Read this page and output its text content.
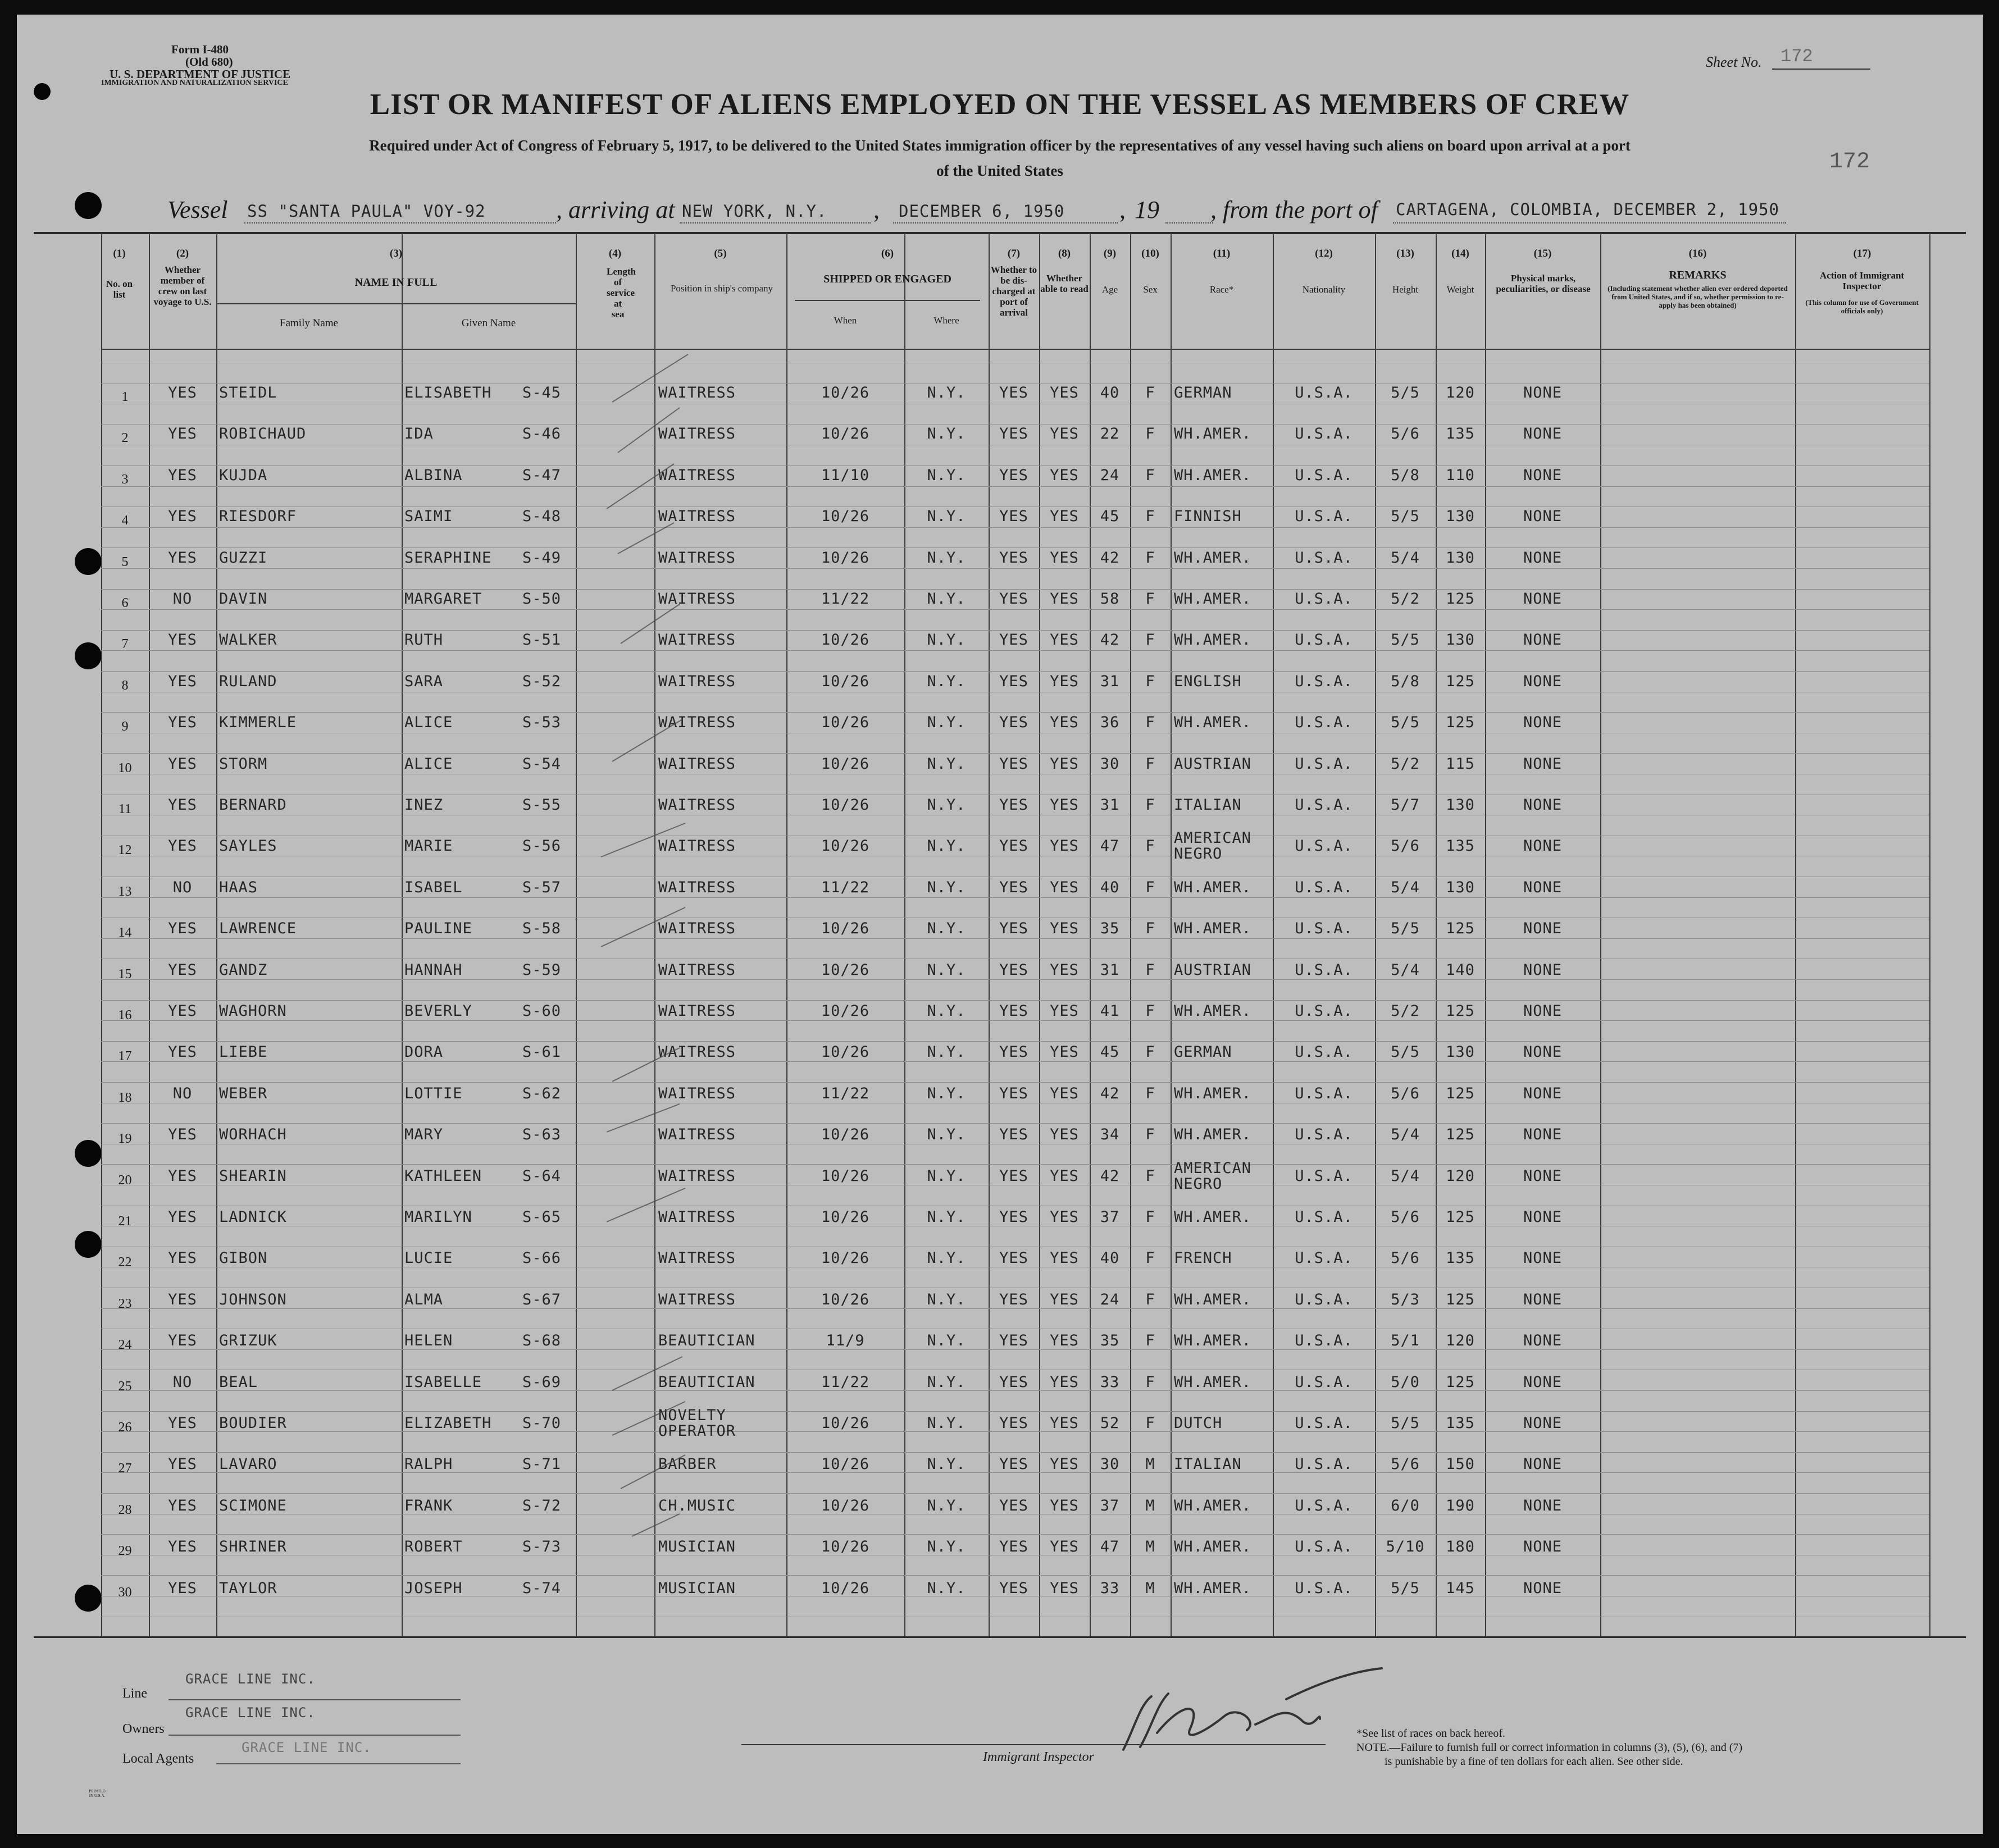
Form I-480
(Old 680)
U. S. DEPARTMENT OF JUSTICE
IMMIGRATION AND NATURALIZATION SERVICE
Sheet No. 172
LIST OR MANIFEST OF ALIENS EMPLOYED ON THE VESSEL AS MEMBERS OF CREW
Required under Act of Congress of February 5, 1917, to be delivered to the United States immigration officer by the representatives of any vessel having such aliens on board upon arrival at a port
of the United States	172
Vessel SS "SANTA PAULA" VOY-92	, arriving at NEW YORK, N.Y. , DECEMBER 6, 1950 , 19 , from the port of CARTAGENA, COLOMBIA, DECEMBER 2, 1950
(1)
No. on list
(2)
Whether member of crew on last voyage to U.S.
(3)
NAME IN FULL
Family Name	Given Name
(4)
Length of service at sea
(5)
Position in ship's company
(6)
SHIPPED OR ENGAGED
When	Where
(7)
Whether to be dis-charged at port of arrival
(8)
Whether able to read
(9)
Age
(10)
Sex
(11)
Race*
(12)
Nationality
(13)
Height
(14)
Weight
(15)
Physical marks, peculiarities, or disease
(16)
REMARKS
(Including statement whether alien ever ordered deported from United States, and if so, whether permission to re-apply has been obtained)
(17)
Action of Immigrant Inspector
(This column for use of Government officials only)
1	YES	STEIDL	ELISABETH	S-45	WAITRESS	10/26	N.Y.	YES	YES	40	F	GERMAN	U.S.A.	5/5	120	NONE
2	YES	ROBICHAUD	IDA	S-46	WAITRESS	10/26	N.Y.	YES	YES	22	F	WH.AMER.	U.S.A.	5/6	135	NONE
3	YES	KUJDA	ALBINA	S-47	WAITRESS	11/10	N.Y.	YES	YES	24	F	WH.AMER.	U.S.A.	5/8	110	NONE
4	YES	RIESDORF	SAIMI	S-48	WAITRESS	10/26	N.Y.	YES	YES	45	F	FINNISH	U.S.A.	5/5	130	NONE
5	YES	GUZZI	SERAPHINE	S-49	WAITRESS	10/26	N.Y.	YES	YES	42	F	WH.AMER.	U.S.A.	5/4	130	NONE
6	NO	DAVIN	MARGARET	S-50	WAITRESS	11/22	N.Y.	YES	YES	58	F	WH.AMER.	U.S.A.	5/2	125	NONE
7	YES	WALKER	RUTH	S-51	WAITRESS	10/26	N.Y.	YES	YES	42	F	WH.AMER.	U.S.A.	5/5	130	NONE
8	YES	RULAND	SARA	S-52	WAITRESS	10/26	N.Y.	YES	YES	31	F	ENGLISH	U.S.A.	5/8	125	NONE
9	YES	KIMMERLE	ALICE	S-53	WAITRESS	10/26	N.Y.	YES	YES	36	F	WH.AMER.	U.S.A.	5/5	125	NONE
10	YES	STORM	ALICE	S-54	WAITRESS	10/26	N.Y.	YES	YES	30	F	AUSTRIAN	U.S.A.	5/2	115	NONE
11	YES	BERNARD	INEZ	S-55	WAITRESS	10/26	N.Y.	YES	YES	31	F	ITALIAN	U.S.A.	5/7	130	NONE
12	YES	SAYLES	MARIE	S-56	WAITRESS	10/26	N.Y.	YES	YES	47	F	AMERICAN NEGRO	U.S.A.	5/6	135	NONE
13	NO	HAAS	ISABEL	S-57	WAITRESS	11/22	N.Y.	YES	YES	40	F	WH.AMER.	U.S.A.	5/4	130	NONE
14	YES	LAWRENCE	PAULINE	S-58	WAITRESS	10/26	N.Y.	YES	YES	35	F	WH.AMER.	U.S.A.	5/5	125	NONE
15	YES	GANDZ	HANNAH	S-59	WAITRESS	10/26	N.Y.	YES	YES	31	F	AUSTRIAN	U.S.A.	5/4	140	NONE
16	YES	WAGHORN	BEVERLY	S-60	WAITRESS	10/26	N.Y.	YES	YES	41	F	WH.AMER.	U.S.A.	5/2	125	NONE
17	YES	LIEBE	DORA	S-61	WAITRESS	10/26	N.Y.	YES	YES	45	F	GERMAN	U.S.A.	5/5	130	NONE
18	NO	WEBER	LOTTIE	S-62	WAITRESS	11/22	N.Y.	YES	YES	42	F	WH.AMER.	U.S.A.	5/6	125	NONE
19	YES	WORHACH	MARY	S-63	WAITRESS	10/26	N.Y.	YES	YES	34	F	WH.AMER.	U.S.A.	5/4	125	NONE
20	YES	SHEARIN	KATHLEEN	S-64	WAITRESS	10/26	N.Y.	YES	YES	42	F	AMERICAN NEGRO	U.S.A.	5/4	120	NONE
21	YES	LADNICK	MARILYN	S-65	WAITRESS	10/26	N.Y.	YES	YES	37	F	WH.AMER.	U.S.A.	5/6	125	NONE
22	YES	GIBON	LUCIE	S-66	WAITRESS	10/26	N.Y.	YES	YES	40	F	FRENCH	U.S.A.	5/6	135	NONE
23	YES	JOHNSON	ALMA	S-67	WAITRESS	10/26	N.Y.	YES	YES	24	F	WH.AMER.	U.S.A.	5/3	125	NONE
24	YES	GRIZUK	HELEN	S-68	BEAUTICIAN	11/9	N.Y.	YES	YES	35	F	WH.AMER.	U.S.A.	5/1	120	NONE
25	NO	BEAL	ISABELLE	S-69	BEAUTICIAN	11/22	N.Y.	YES	YES	33	F	WH.AMER.	U.S.A.	5/0	125	NONE
26	YES	BOUDIER	ELIZABETH	S-70	NOVELTY OPERATOR	10/26	N.Y.	YES	YES	52	F	DUTCH	U.S.A.	5/5	135	NONE
27	YES	LAVARO	RALPH	S-71	BARBER	10/26	N.Y.	YES	YES	30	M	ITALIAN	U.S.A.	5/6	150	NONE
28	YES	SCIMONE	FRANK	S-72	CH.MUSIC	10/26	N.Y.	YES	YES	37	M	WH.AMER.	U.S.A.	6/0	190	NONE
29	YES	SHRINER	ROBERT	S-73	MUSICIAN	10/26	N.Y.	YES	YES	47	M	WH.AMER.	U.S.A.	5/10	180	NONE
30	YES	TAYLOR	JOSEPH	S-74	MUSICIAN	10/26	N.Y.	YES	YES	33	M	WH.AMER.	U.S.A.	5/5	145	NONE
Line
GRACE LINE INC.
Owners
GRACE LINE INC.
Local Agents
GRACE LINE INC.
Immigrant Inspector
*See list of races on back hereof.
NOTE.—Failure to furnish full or correct information in columns (3), (5), (6), and (7)
is punishable by a fine of ten dollars for each alien. See other side.
PRINTED IN U.S.A.
